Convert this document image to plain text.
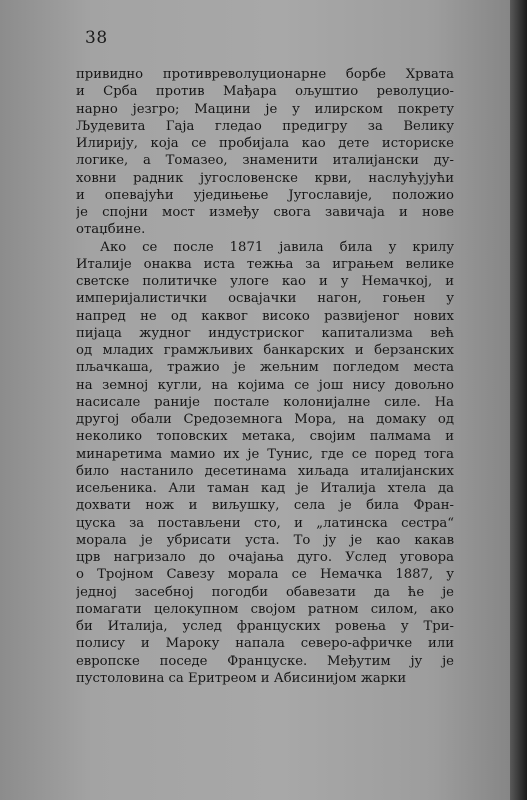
38
привидно противреволуционарне борбе Хрвата
и Срба против Мађара ољуштио револуцио-
нарно језгро; Мацини је у илирском покрету
Људевита Гаја гледао предигру за Велику
Илирију, која се пробијала као дете историске
логике, а Томазео, знаменити италијански ду-
ховни радник југословенске крви, наслућујући
и опевајући уједињење Југославије, положио
је спојни мост између свога завичаја и нове
отаџбине.
Ако се после 1871 јавила била у крилу
Италије онаква иста тежња за играњем велике
светске политичке улоге као и у Немачкој, и
империјалистички освајачки нагон, гоњен у
напред не од каквог високо развијеног нових
пијаца жудног индустриског капитализма већ
од младих грамжљивих банкарских и берзанских
пљачкаша, тражио је жељним погледом места
на земној кугли, на којима се још нису довољно
насисале раније постале колонијалне силе. На
другој обали Средоземнога Мора, на домаку од
неколико топовских метака, својим палмама и
минаретима мамио их је Тунис, где се поред тога
било настанило десетинама хиљада италијанских
исељеника. Али таман кад је Италија хтела да
дохвати нож и виљушку, села је била Фран-
цуска за постављени сто, и „латинска сестра“
морала је убрисати уста. То ју је као какав
црв нагризало до очајања дуго. Услед уговора
о Тројном Савезу морала се Немачка 1887, у
једној засебној погодби обавезати да ће је
помагати целокупном својом ратном силом, ако
би Италија, услед француских ровења у Три-
полису и Мароку напала северо-афричке или
европске поседе Француске. Међутим ју је
пустоловина са Еритреом и Абисинијом жарки
